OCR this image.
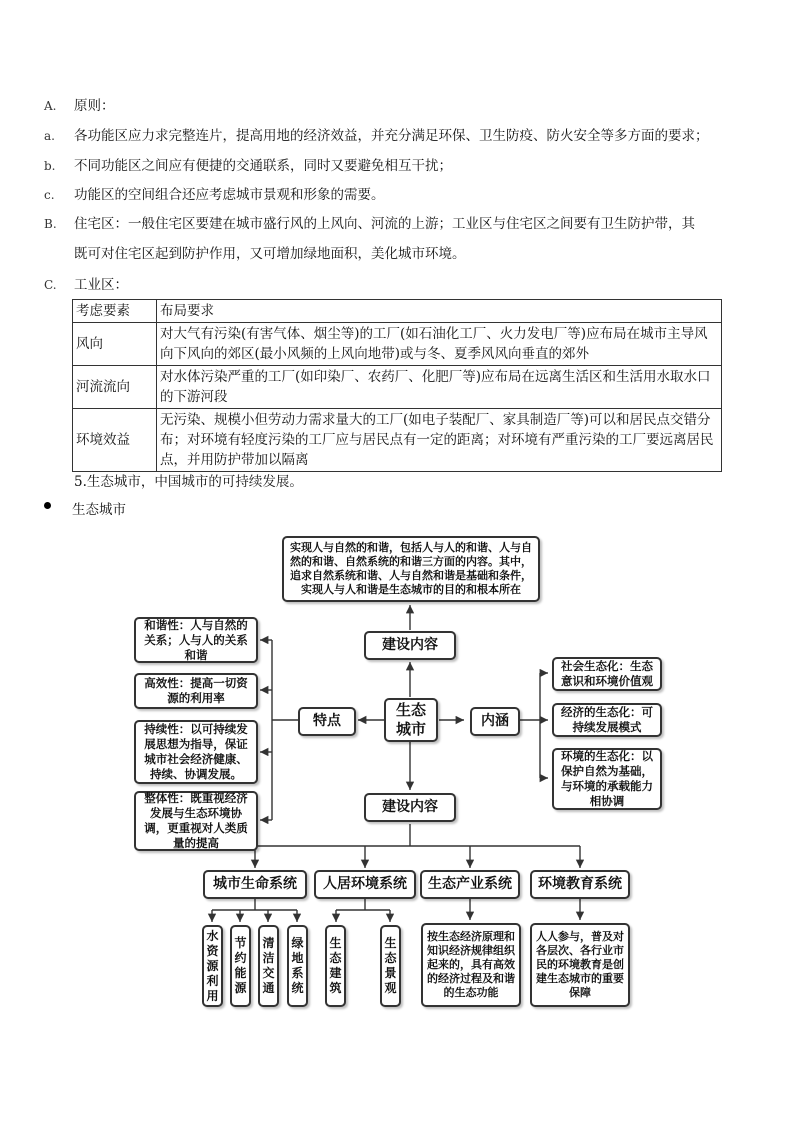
A.	原则：
a.	各功能区应力求完整连片，提高用地的经济效益，并充分满足环保、卫生防疫、防火安全等多方面的要求；
b.	不同功能区之间应有便捷的交通联系，同时又要避免相互干扰；
c.	功能区的空间组合还应考虑城市景观和形象的需要。
B.	住宅区：一般住宅区要建在城市盛行风的上风向、河流的上游；工业区与住宅区之间要有卫生防护带，其
既可对住宅区起到防护作用，又可增加绿地面积，美化城市环境。
C.	工业区：
考虑要素	布局要求
风向	对大气有污染(有害气体、烟尘等)的工厂(如石油化工厂、火力发电厂等)应布局在城市主导风向下风向的郊区(最小风频的上风向地带)或与冬、夏季风风向垂直的郊外
河流流向	对水体污染严重的工厂(如印染厂、农药厂、化肥厂等)应布局在远离生活区和生活用水取水口的下游河段
环境效益	无污染、规模小但劳动力需求量大的工厂(如电子装配厂、家具制造厂等)可以和居民点交错分布；对环境有轻度污染的工厂应与居民点有一定的距离；对环境有严重污染的工厂要远离居民点，并用防护带加以隔离
5.生态城市，中国城市的可持续发展。
生态城市
实现人与自然的和谐，包括人与人的和谐、人与自然的和谐、自然系统的和谐三方面的内容。其中，追求自然系统和谐、人与自然和谐是基础和条件，实现人与人和谐是生态城市的目的和根本所在
建设内容
生态城市
特点	内涵
建设内容
和谐性：人与自然的关系；人与人的关系和谐
高效性：提高一切资源的利用率
持续性：以可持续发展思想为指导，保证城市社会经济健康、持续、协调发展。
整体性：既重视经济发展与生态环境协调，更重视对人类质量的提高
社会生态化：生态意识和环境价值观
经济的生态化：可持续发展模式
环境的生态化：以保护自然为基础，与环境的承载能力相协调
城市生命系统 人居环境系统 生态产业系统 环境教育系统
水资源利用
节约能源
清洁交通
绿地系统
生态建筑
生态景观
按生态经济原理和知识经济规律组织起来的，具有高效的经济过程及和谐的生态功能
人人参与，普及对各层次、各行业市民的环境教育是创建生态城市的重要保障
